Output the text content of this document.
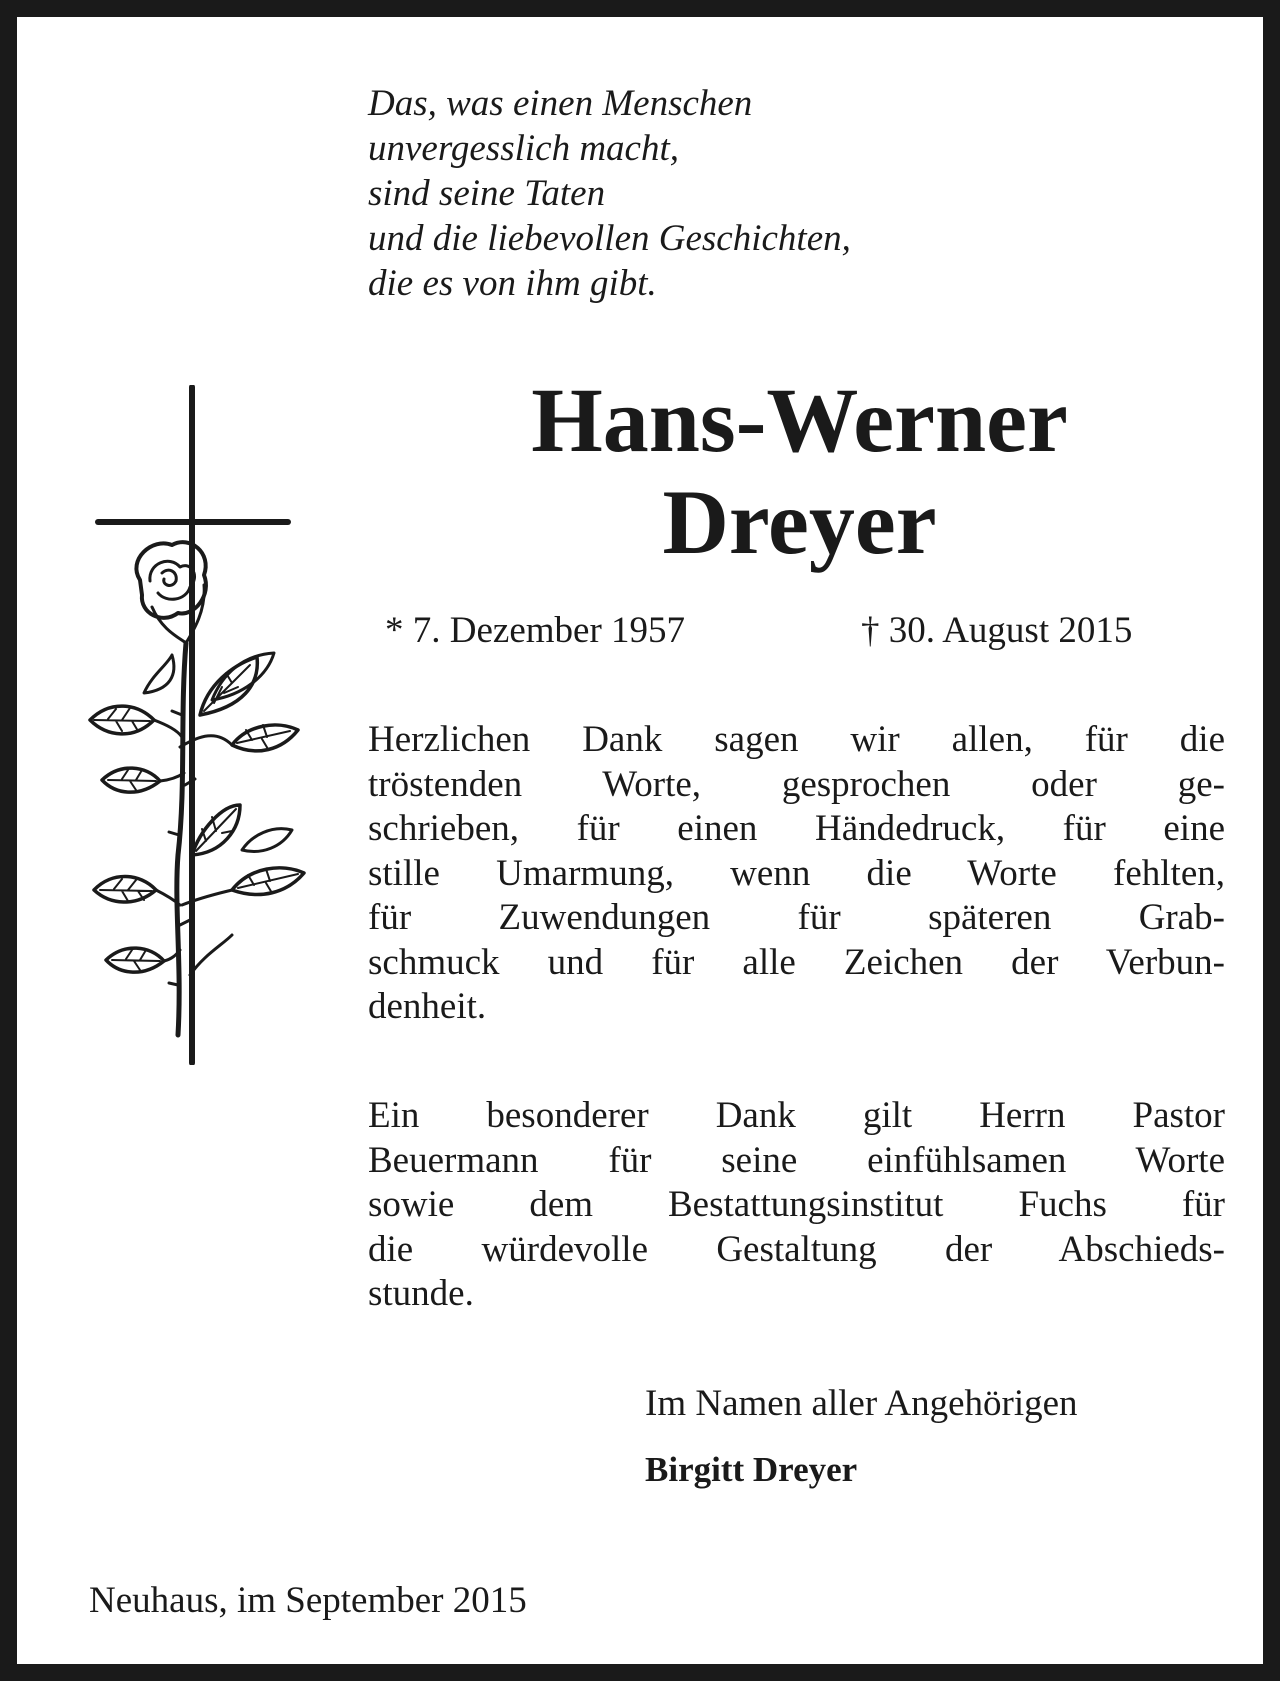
Das, was einen Menschen
unvergesslich macht,
sind seine Taten
und die liebevollen Geschichten,
die es von ihm gibt.
Hans-Werner
Dreyer
* 7. Dezember 1957	† 30. August 2015
Herzlichen Dank sagen wir allen, für die
tröstenden Worte, gesprochen oder ge-
schrieben, für einen Händedruck, für eine
stille Umarmung, wenn die Worte fehlten,
für Zuwendungen für späteren Grab-
schmuck und für alle Zeichen der Verbun-
denheit.
Ein besonderer Dank gilt Herrn Pastor
Beuermann für seine einfühlsamen Worte
sowie dem Bestattungsinstitut Fuchs für
die würdevolle Gestaltung der Abschieds-
stunde.
Im Namen aller Angehörigen
Birgitt Dreyer
Neuhaus, im September 2015
